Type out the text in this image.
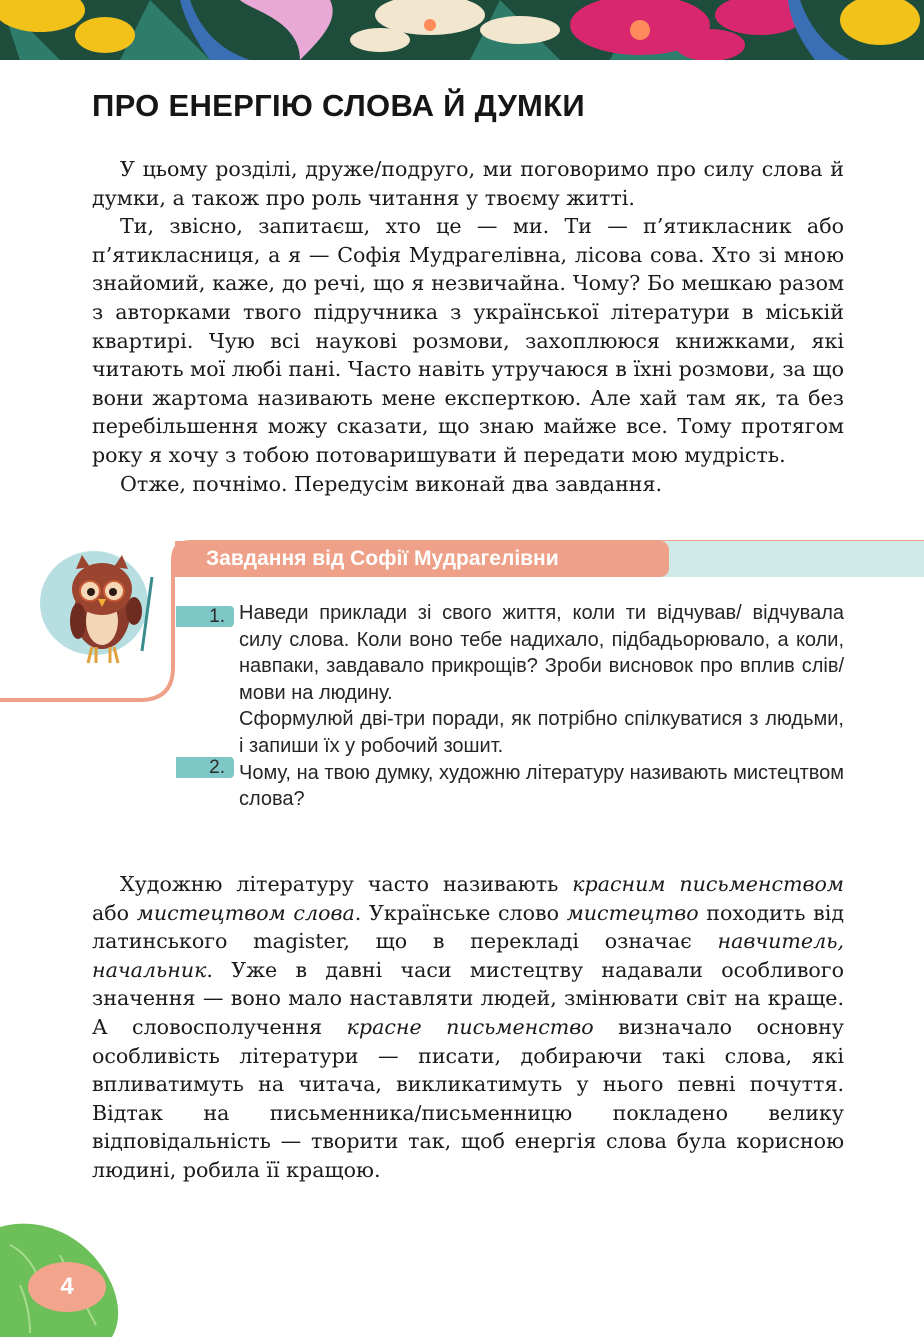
ПРО ЕНЕРГІЮ СЛОВА Й ДУМКИ

У цьому розділі, друже/подруго, ми поговоримо про силу слова й думки, а також про роль читання у твоєму житті.

Ти, звісно, запитаєш, хто це — ми. Ти — п’ятикласник або п’ятикласниця, а я — Софія Мудрагелівна, лісова сова. Хто зі мною знайомий, каже, до речі, що я незвичайна. Чому? Бо мешкаю разом з авторками твого підручника з української літератури в міській квартирі. Чую всі наукові розмови, захоплююся книжками, які читають мої любі пані. Часто навіть утручаюся в їхні розмови, за що вони жартома називають мене експерткою. Але хай там як, та без перебільшення можу сказати, що знаю майже все. Тому протягом року я хочу з тобою потоваришувати й передати мою мудрість.

Отже, почнімо. Передусім виконай два завдання.

Завдання від Софії Мудрагелівни
1. Наведи приклади зі свого життя, коли ти відчував/ відчувала силу слова. Коли воно тебе надихало, підбадьорювало, а коли, навпаки, завдавало прикрощів? Зроби висновок про вплив слів/мови на людину.

Сформулюй дві-три поради, як потрібно спілкуватися з людьми, і запиши їх у робочий зошит.

2. Чому, на твою думку, художню літературу називають мистецтвом слова?

Художню літературу часто називають красним письменством або мистецтвом слова. Українське слово мистецтво походить від латинського magister, що в перекладі означає навчитель, начальник. Уже в давні часи мистецтву надавали особливого значення — воно мало наставляти людей, змінювати світ на краще. А словосполучення красне письменство визначало основну особливість літератури — писати, добираючи такі слова, які впливатимуть на читача, викликатимуть у нього певні почуття. Відтак на письменника/письменницю покладено велику відповідальність — творити так, щоб енергія слова була корисною людині, робила її кращою.

4
